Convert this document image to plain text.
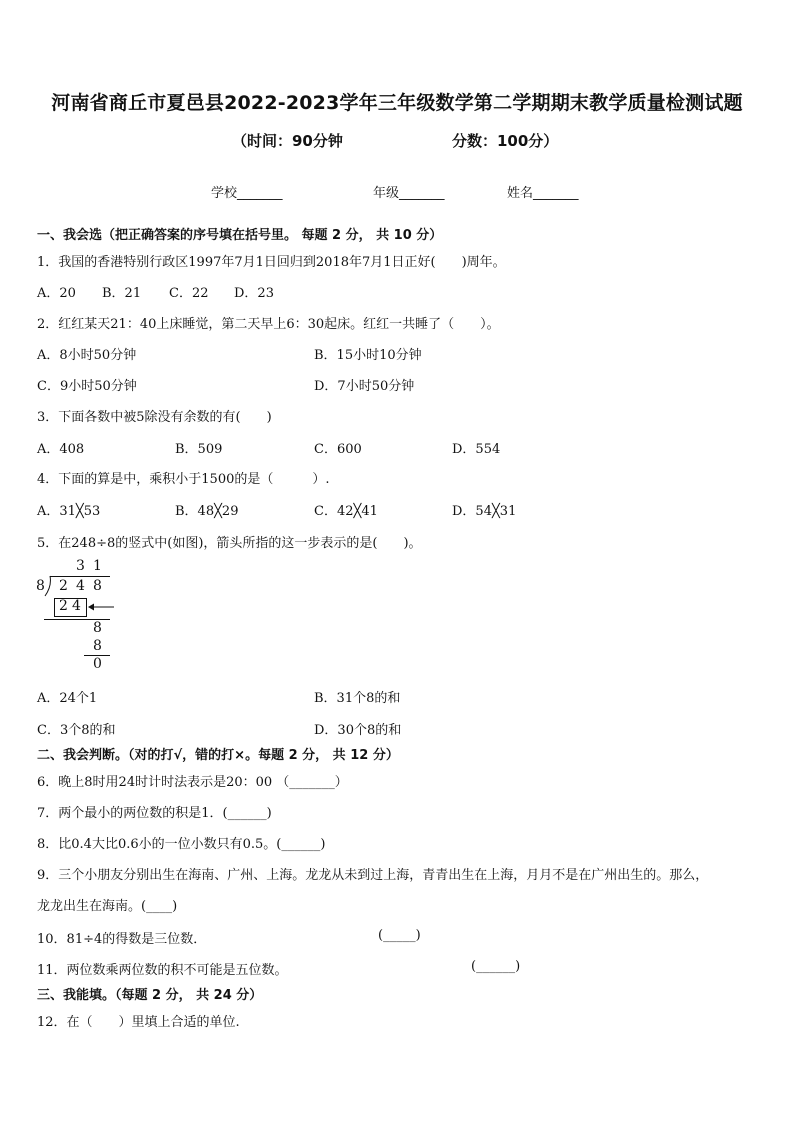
河南省商丘市夏邑县2022-2023学年三年级数学第二学期期末教学质量检测试题
（时间：90分钟	分数：100分）
学校_______	年级_______	姓名_______
一、我会选（把正确答案的序号填在括号里。 每题 2 分， 共 10 分）
1．我国的香港特别行政区1997年7月1日回归到2018年7月1日正好(　　)周年。
A．20 B．21 C．22 D．23
2．红红某天21：40上床睡觉，第二天早上6：30起床。红红一共睡了（　　）。
A．8小时50分钟	B．15小时10分钟
C．9小时50分钟	D．7小时50分钟
3．下面各数中被5除没有余数的有(　　)
A．408	B．509	C．600	D．554
4．下面的算是中，乘积小于1500的是（　　　）.
A．31╳53	B．48╳29	C．42╳41	D．54╳31
5．在248÷8的竖式中(如图)，箭头所指的这一步表示的是(　　)。
3 1
8 2 4 8
2 4
8
8
0
A．24个1	B．31个8的和
C．3个8的和	D．30个8的和
二、我会判断。（对的打√，错的打×。每题 2 分， 共 12 分）
6．晚上8时用24时计时法表示是20：00 （_______）
7．两个最小的两位数的积是1．(______)
8．比0.4大比0.6小的一位小数只有0.5。(______)
9．三个小朋友分别出生在海南、广州、上海。龙龙从未到过上海，青青出生在上海，月月不是在广州出生的。那么，
龙龙出生在海南。(____)
10．81÷4的得数是三位数．	(_____)
11．两位数乘两位数的积不可能是五位数。	(______)
三、我能填。（每题 2 分， 共 24 分）
12．在（　　）里填上合适的单位.
